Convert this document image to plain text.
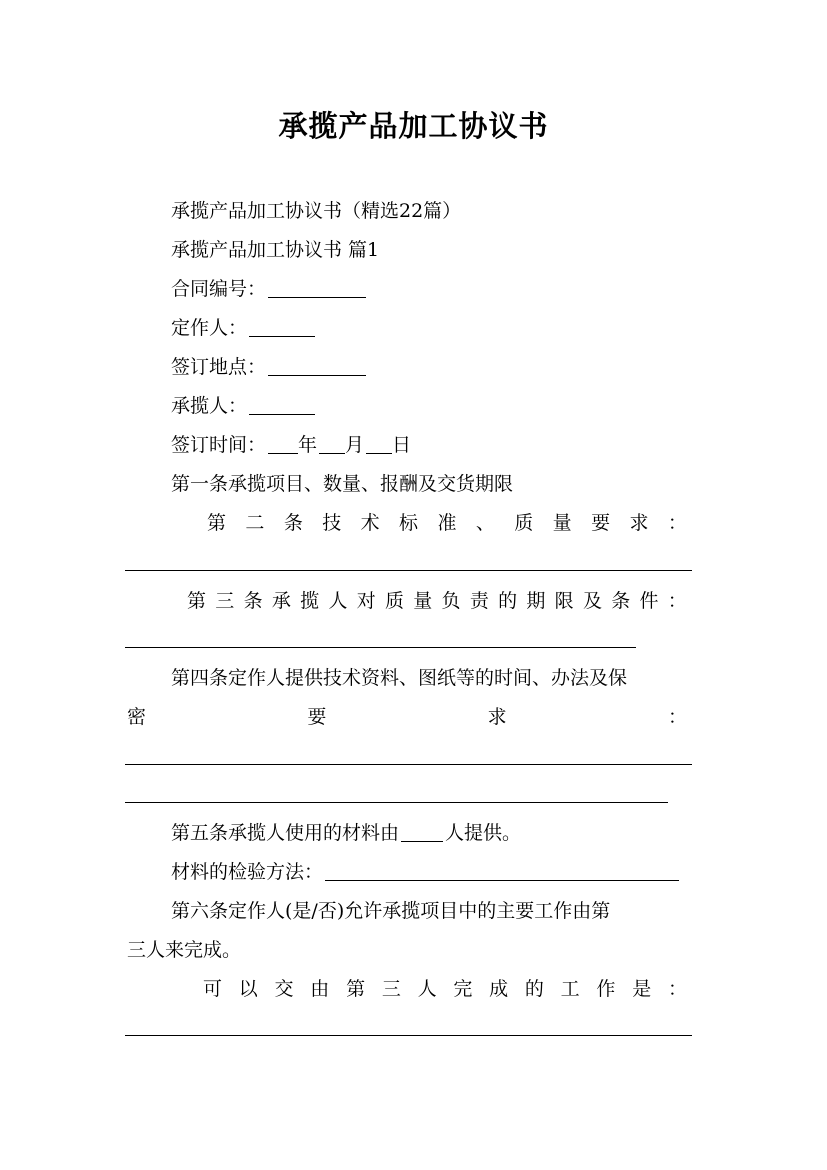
承揽产品加工协议书
承揽产品加工协议书（精选22篇）
承揽产品加工协议书 篇1
合同编号：
定作人：
签订地点：
承揽人：
签订时间： 年 月 日
第一条承揽项目、数量、报酬及交货期限
第 二 条 技 术 标 准 、 质 量 要 求 ：
第 三 条 承 揽 人 对 质 量 负 责 的 期 限 及 条 件 ：
第四条定作人提供技术资料、图纸等的时间、办法及保
密	要	求	：
第五条承揽人使用的材料由 人提供。
材料的检验方法：
第六条定作人(是/否)允许承揽项目中的主要工作由第
三人来完成。
可 以 交 由 第 三 人 完 成 的 工 作 是 ：
